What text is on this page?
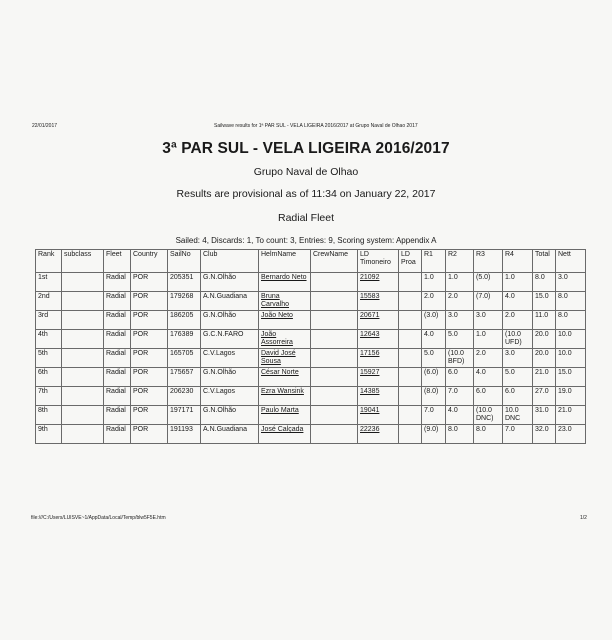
22/01/2017	Sailwave results for 1ª PAR SUL - VELA LIGEIRA 2016/2017 at Grupo Naval de Olhao 2017
3ª PAR SUL - VELA LIGEIRA 2016/2017
Grupo Naval de Olhao
Results are provisional as of 11:34 on January 22, 2017
Radial Fleet
Sailed: 4, Discards: 1, To count: 3, Entries: 9, Scoring system: Appendix A
Rank	subclass	Fleet	Country	SailNo	Club	HelmName	CrewName	LD Timoneiro	LD Proa	R1	R2	R3	R4	Total	Nett
1st		Radial	POR	205351	G.N.Olhão	Bernardo Neto		21092		1.0	1.0	(5.0)	1.0	8.0	3.0
2nd		Radial	POR	179268	A.N.Guadiana	Bruna Carvalho		15583		2.0	2.0	(7.0)	4.0	15.0	8.0
3rd		Radial	POR	186205	G.N.Olhão	João Neto		20671		(3.0)	3.0	3.0	2.0	11.0	8.0
4th		Radial	POR	176389	G.C.N.FARO	João Assorreira		12643		4.0	5.0	1.0	(10.0 UFD)	20.0	10.0
5th		Radial	POR	165705	C.V.Lagos	David José Sousa		17156		5.0	(10.0 BFD)	2.0	3.0	20.0	10.0
6th		Radial	POR	175657	G.N.Olhão	César Norte		15927		(6.0)	6.0	4.0	5.0	21.0	15.0
7th		Radial	POR	206230	C.V.Lagos	Ezra Wansink		14385		(8.0)	7.0	6.0	6.0	27.0	19.0
8th		Radial	POR	197171	G.N.Olhão	Paulo Marta		19041		7.0	4.0	(10.0 DNC)	10.0 DNC	31.0	21.0
9th		Radial	POR	191193	A.N.Guadiana	José Calçada		22236		(9.0)	8.0	8.0	7.0	32.0	23.0
file:///C:/Users/LUISVE~1/AppData/Local/Temp/blw5F5E.htm	1/2
